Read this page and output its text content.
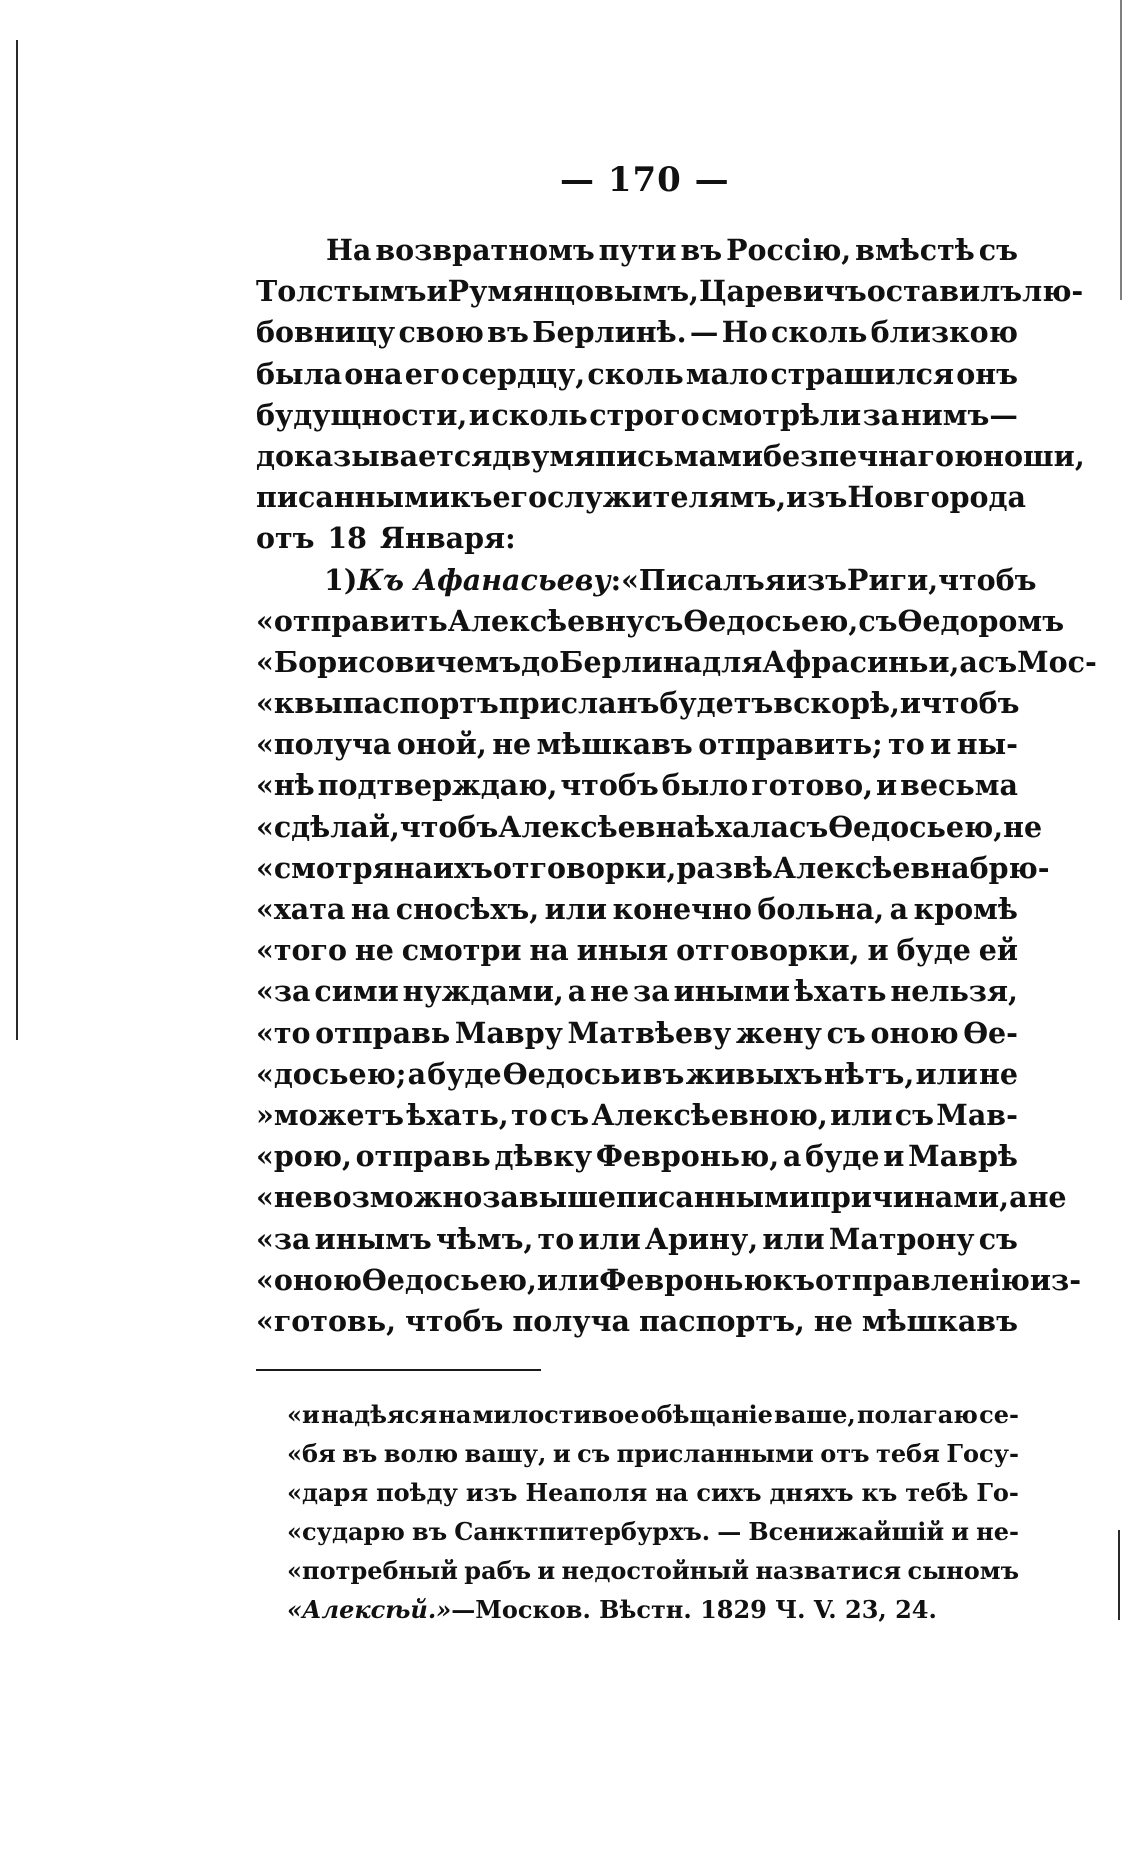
— 170 —
На возвратномъ пути въ Россію, вмѣстѣ съ
Толстымъ и Румянцовымъ, Царевичъ оставилъ лю-
бовницу свою въ Берлинѣ. — Но сколь близкою
была она его сердцу, сколь мало страшился онъ
будущности, и сколь строго смотрѣли за нимъ—
доказывается двумя письмами безпечнаго юноши,
писанными къ его служителямъ, изъ Новгорода
отъ 18 Января:
1) Къ Афанасьеву: «Писалъ я изъ Риги, чтобъ
«отправить Алексѣевну съ Ѳедосьею, съ Ѳедоромъ
«Борисовичемъ до Берлина для Афрасиньи, а съ Мос-
«квы паспортъ присланъ будетъ вскорѣ, и чтобъ
«получа оной, не мѣшкавъ отправить; то и ны-
«нѣ подтверждаю, чтобъ было готово, и весьма
«сдѣлай, чтобъ Алексѣевна ѣхала съ Ѳедосьею, не
«смотря на ихъ отговорки, развѣ Алексѣевна брю-
«хата на сносѣхъ, или конечно больна, а кромѣ
«того не смотри на иныя отговорки, и буде ей
«за сими нуждами, а не за иными ѣхать нельзя,
«то отправь Мавру Матвѣеву жену съ оною Ѳе-
«досьею; а буде Ѳедосьи въ живыхъ нѣтъ, или не
»можетъ ѣхать, то съ Алексѣевною, или съ Мав-
«рою, отправь дѣвку Февронью, а буде и Маврѣ
«невозможно за вышеписанными причинами, а не
«за инымъ чѣмъ, то или Арину, или Матрону съ
«оною Ѳедосьею, или Февронью къ отправленію из-
«готовь, чтобъ получа паспортъ, не мѣшкавъ
«и надѣяся на милостивое обѣщаніе ваше, полагаю се-
«бя въ волю вашу, и съ присланными отъ тебя Госу-
«даря поѣду изъ Неаполя на сихъ дняхъ къ тебѣ Го-
«сударю въ Санктпитербурхъ. — Всенижайшій и не-
«потребный рабъ и недостойный назватися сыномъ
«Алексѣй.» —Москов. Вѣстн. 1829 Ч. V. 23, 24.
